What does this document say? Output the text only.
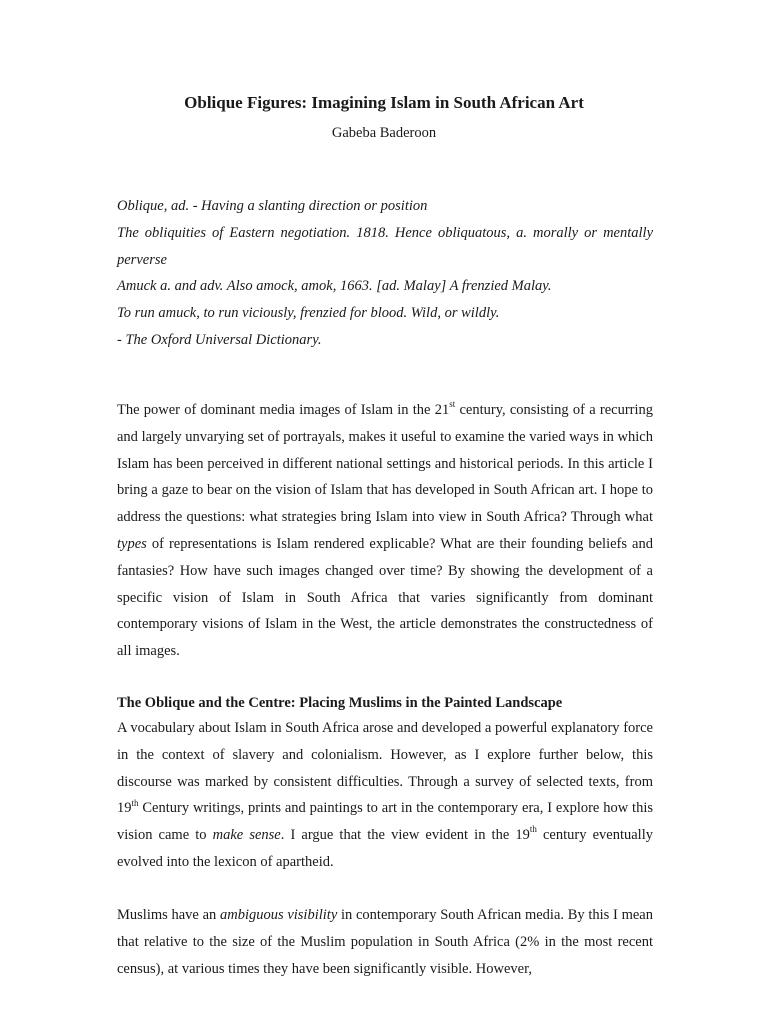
Oblique Figures: Imagining Islam in South African Art
Gabeba Baderoon

Oblique, ad. - Having a slanting direction or position

The obliquities of Eastern negotiation. 1818. Hence obliquatous, a. morally or mentally perverse

Amuck a. and adv. Also amock, amok, 1663. [ad. Malay] A frenzied Malay.

To run amuck, to run viciously, frenzied for blood. Wild, or wildly.

- The Oxford Universal Dictionary.

The power of dominant media images of Islam in the 21st century, consisting of a recurring and largely unvarying set of portrayals, makes it useful to examine the varied ways in which Islam has been perceived in different national settings and historical periods. In this article I bring a gaze to bear on the vision of Islam that has developed in South African art. I hope to address the questions: what strategies bring Islam into view in South Africa? Through what types of representations is Islam rendered explicable? What are their founding beliefs and fantasies? How have such images changed over time? By showing the development of a specific vision of Islam in South Africa that varies significantly from dominant contemporary visions of Islam in the West, the article demonstrates the constructedness of all images.

The Oblique and the Centre: Placing Muslims in the Painted Landscape

A vocabulary about Islam in South Africa arose and developed a powerful explanatory force in the context of slavery and colonialism. However, as I explore further below, this discourse was marked by consistent difficulties. Through a survey of selected texts, from 19th Century writings, prints and paintings to art in the contemporary era, I explore how this vision came to make sense. I argue that the view evident in the 19th century eventually evolved into the lexicon of apartheid.

Muslims have an ambiguous visibility in contemporary South African media. By this I mean that relative to the size of the Muslim population in South Africa (2% in the most recent census), at various times they have been significantly visible. However,
